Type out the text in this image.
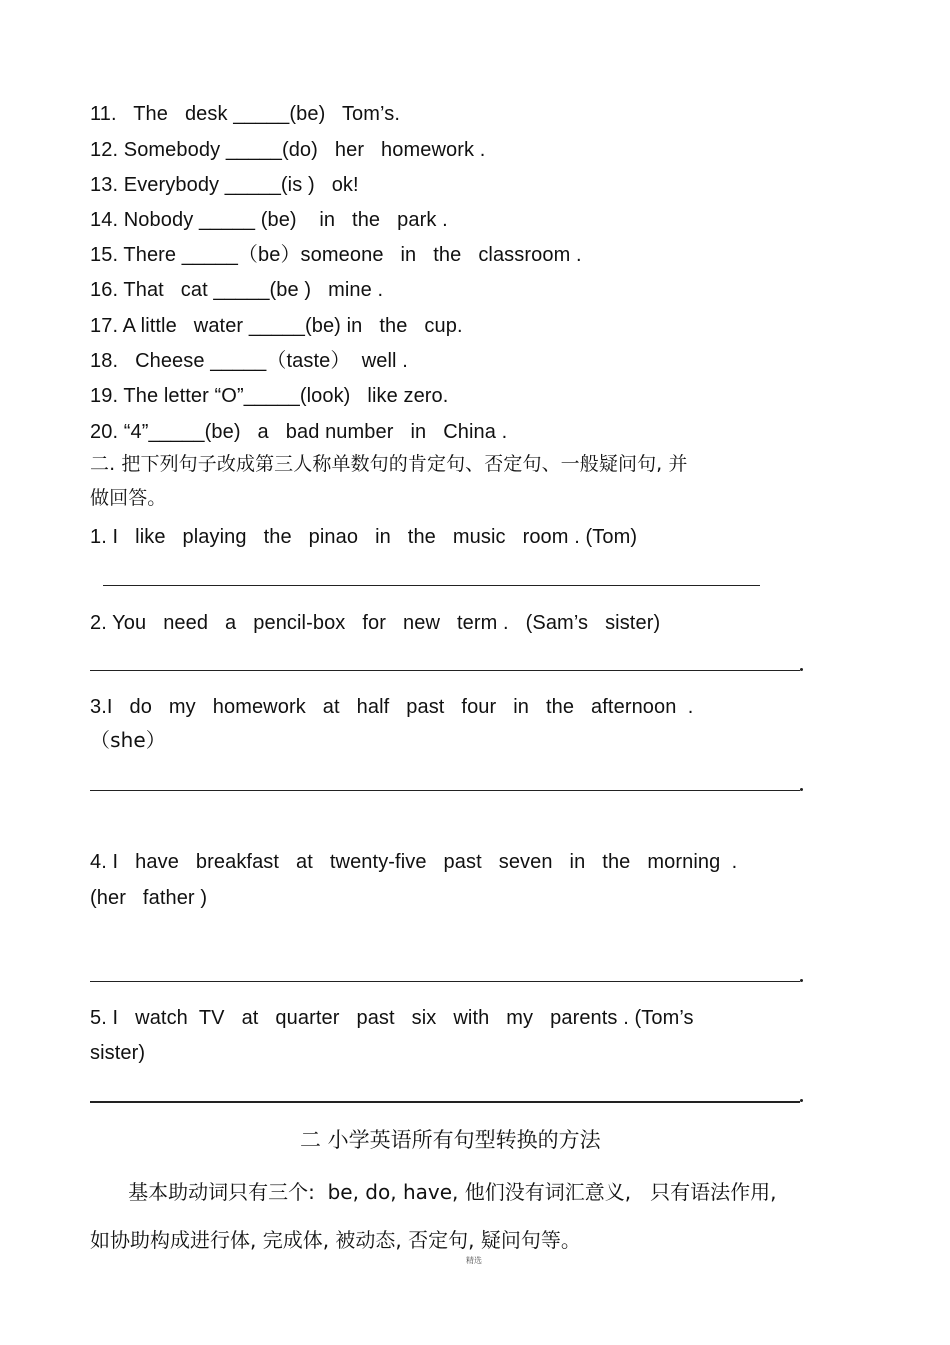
11.   The   desk _____(be)   Tom’s.
12. Somebody _____(do)   her   homework .
13. Everybody _____(is )   ok!
14. Nobody _____ (be)    in   the   park .
15. There _____（be）someone   in   the   classroom .
16. That   cat _____(be )   mine .
17. A little   water _____(be) in   the   cup.
18.   Cheese _____（taste）  well .
19. The letter “O”_____(look)   like zero.
20. “4”_____(be)   a   bad number   in   China .
二. 把下列句子改成第三人称单数句的肯定句、否定句、一般疑问句, 并
做回答。
1. I   like   playing   the   pinao   in   the   music   room . (Tom)
2. You   need   a   pencil-box   for   new   term .   (Sam’s   sister)
3.I   do   my   homework   at   half   past   four   in   the   afternoon  .
（she）
4. I   have   breakfast   at   twenty-five   past   seven   in   the   morning  .
(her   father )
5. I   watch  TV   at   quarter   past   six   with   my   parents . (Tom’s
sister)
二 小学英语所有句型转换的方法
基本助动词只有三个:  be, do, have, 他们没有词汇意义,   只有语法作用,
如协助构成进行体, 完成体, 被动态, 否定句, 疑问句等。
精选
